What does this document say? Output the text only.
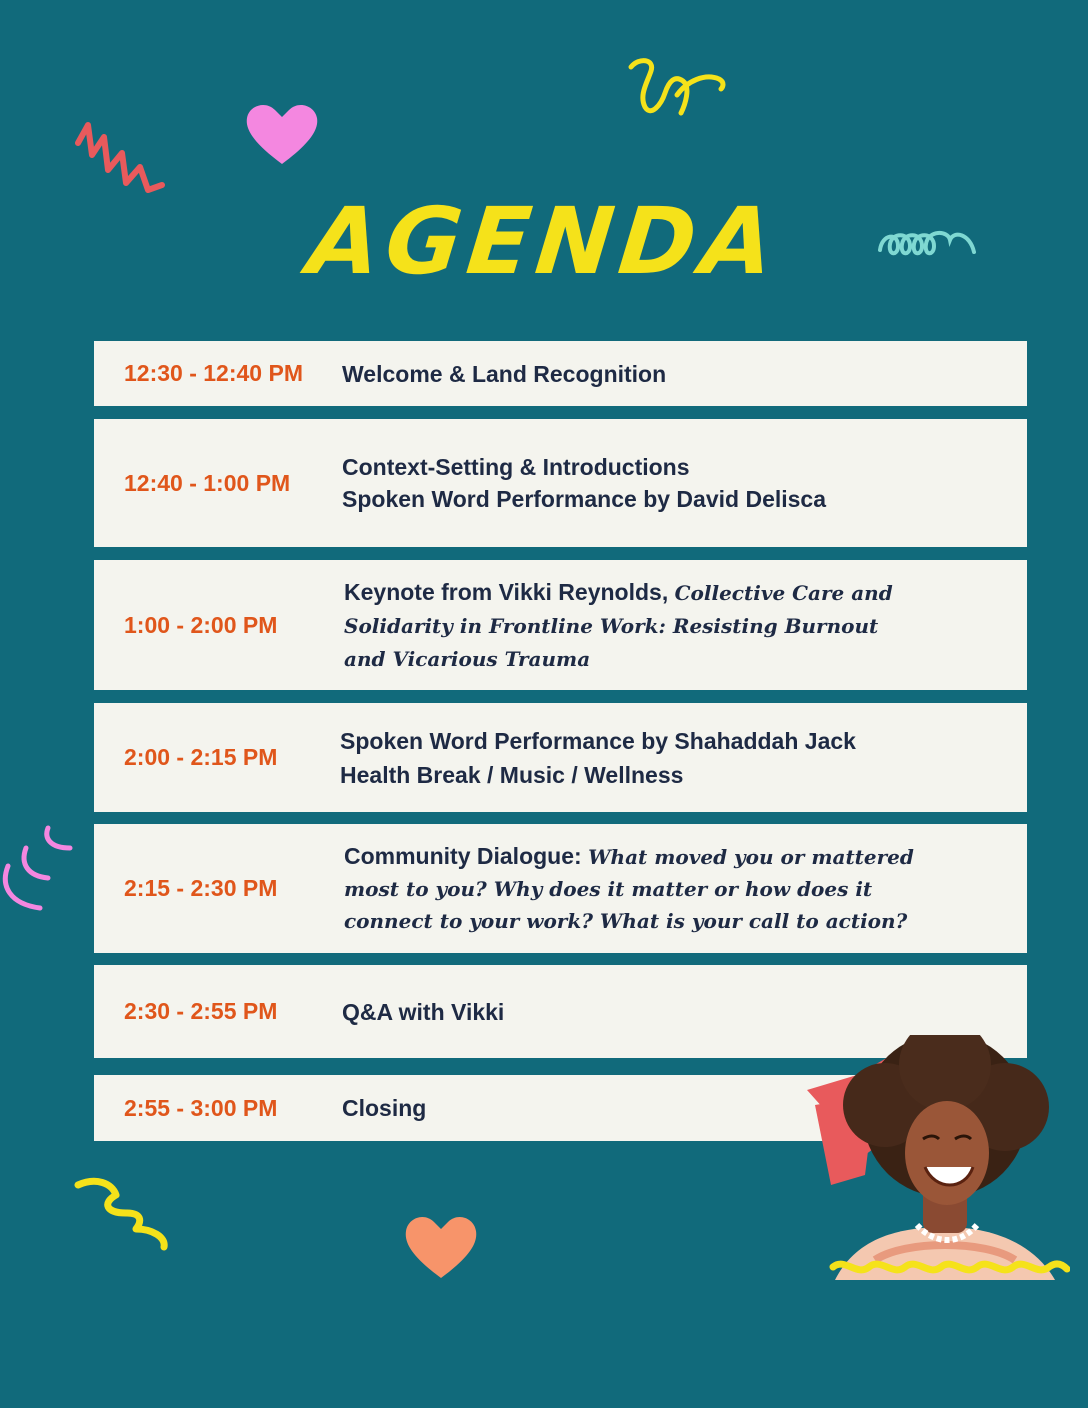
AGENDA
12:30 - 12:40 PM Welcome & Land Recognition
12:40 - 1:00 PM
Context-Setting & Introductions
Spoken Word Performance by David Delisca
1:00 - 2:00 PM
Keynote from Vikki Reynolds, Collective Care and Solidarity in Frontline Work: Resisting Burnout and Vicarious Trauma
2:00 - 2:15 PM
Spoken Word Performance by Shahaddah Jack
Health Break / Music / Wellness
2:15 - 2:30 PM
Community Dialogue: What moved you or mattered most to you? Why does it matter or how does it connect to your work? What is your call to action?
2:30 - 2:55 PM	Q&A with Vikki
2:55 - 3:00 PM	Closing
